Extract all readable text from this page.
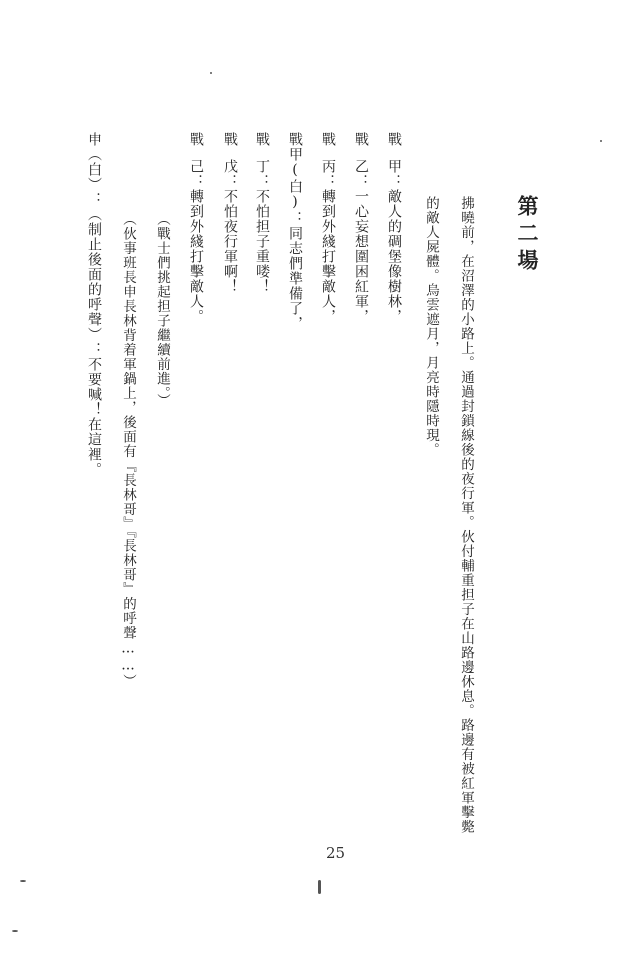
第二場
拂曉前，在沼澤的小路上。通過封鎖線後的夜行軍。伙付輔重担子在山路邊休息。路邊有被紅軍擊斃
的敵人屍體。烏雲遮月，月亮時隱時現。
戰甲：敵人的碉堡像樹林，
戰乙：一心妄想圍困紅軍，
戰丙：轉到外綫打擊敵人，
戰甲(白)：同志們準備了，
戰丁：不怕担子重喽！
戰戊：不怕夜行軍啊！
戰己：轉到外綫打擊敵人。
（戰士們挑起担子繼續前進。）
（伙事班長申長林背着軍鍋上，後面有『長林哥』『長林哥』的呼聲……）
申（白）：（制止後面的呼聲）：不要喊！在這裡。
25
